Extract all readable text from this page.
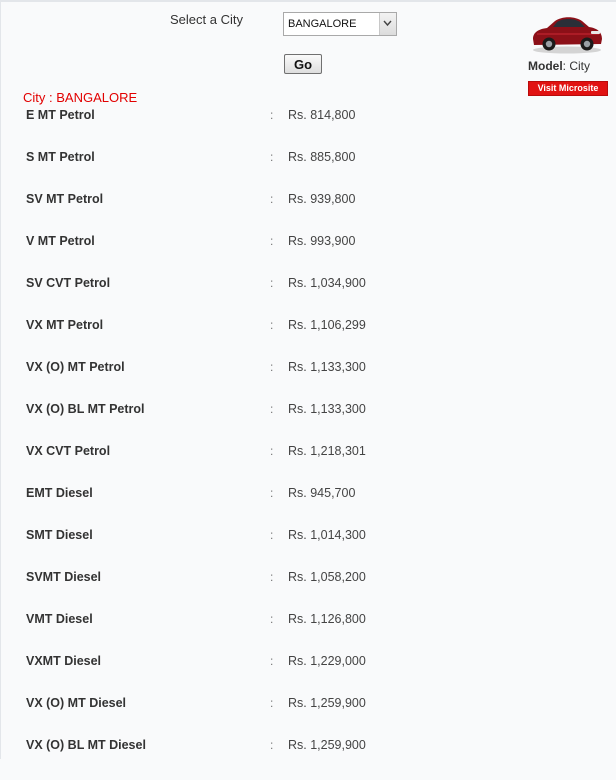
Select a City	BANGALORE
Go	Model: City
Visit Microsite
City : BANGALORE
E MT Petrol	: Rs. 814,800
S MT Petrol	: Rs. 885,800
SV MT Petrol	: Rs. 939,800
V MT Petrol	: Rs. 993,900
SV CVT Petrol	: Rs. 1,034,900
VX MT Petrol	: Rs. 1,106,299
VX (O) MT Petrol	: Rs. 1,133,300
VX (O) BL MT Petrol	: Rs. 1,133,300
VX CVT Petrol	: Rs. 1,218,301
EMT Diesel	: Rs. 945,700
SMT Diesel	: Rs. 1,014,300
SVMT Diesel	: Rs. 1,058,200
VMT Diesel	: Rs. 1,126,800
VXMT Diesel	: Rs. 1,229,000
VX (O) MT Diesel	: Rs. 1,259,900
VX (O) BL MT Diesel	: Rs. 1,259,900
